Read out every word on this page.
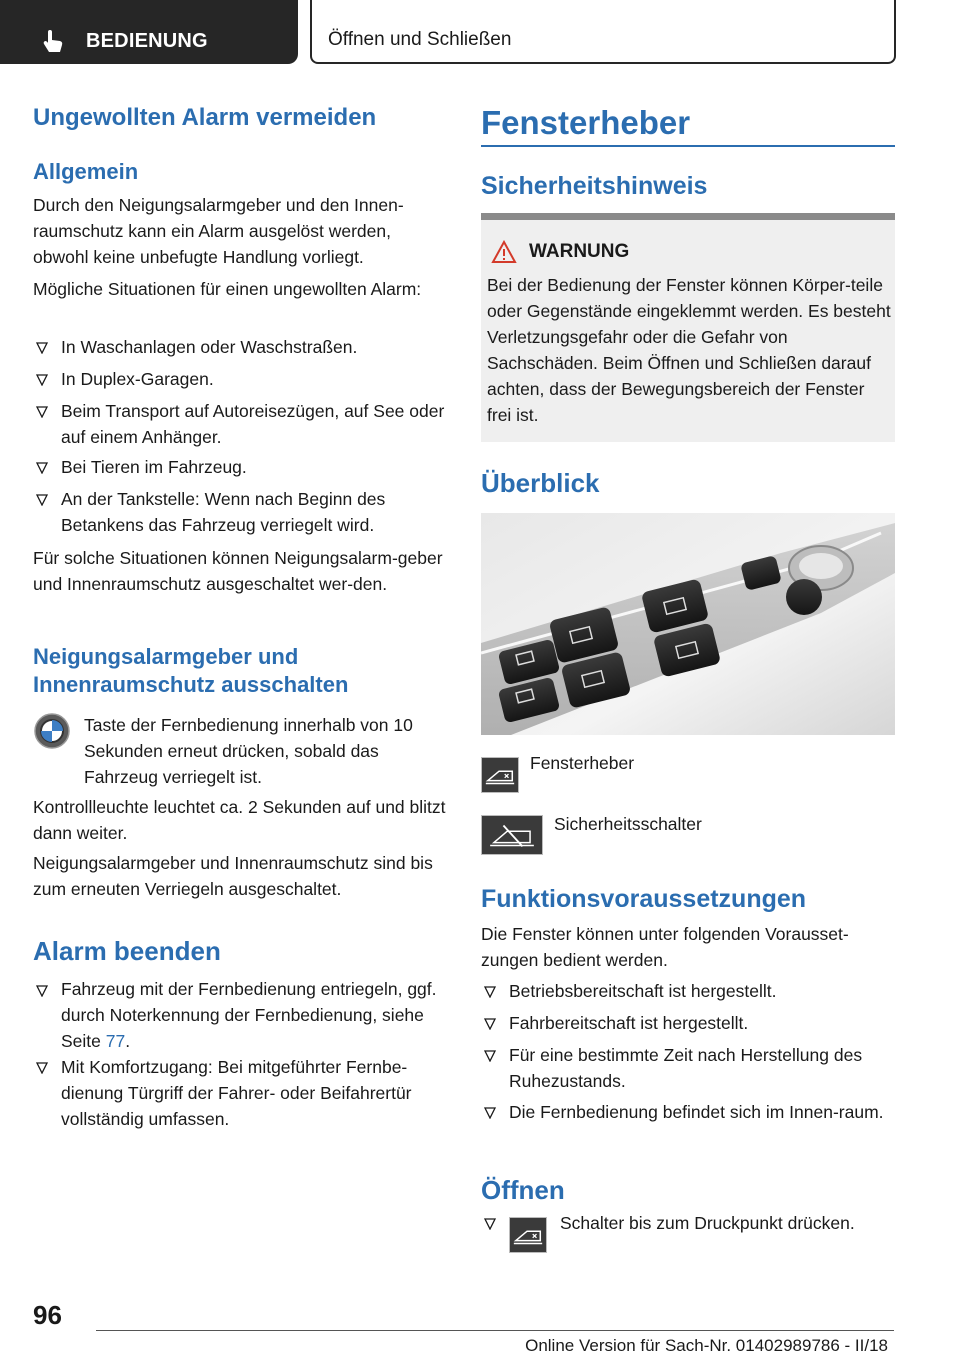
BEDIENUNG	Öffnen und Schließen
Ungewollten Alarm vermeiden
Allgemein
Durch den Neigungsalarmgeber und den Innen-raumschutz kann ein Alarm ausgelöst werden, obwohl keine unbefugte Handlung vorliegt.
Mögliche Situationen für einen ungewollten Alarm:
In Waschanlagen oder Waschstraßen.
In Duplex-Garagen.
Beim Transport auf Autoreisezügen, auf See oder auf einem Anhänger.
Bei Tieren im Fahrzeug.
An der Tankstelle: Wenn nach Beginn des Betankens das Fahrzeug verriegelt wird.
Für solche Situationen können Neigungsalarm-geber und Innenraumschutz ausgeschaltet wer-den.
Neigungsalarmgeber und
Innenraumschutz ausschalten
Taste der Fernbedienung innerhalb von 10 Sekunden erneut drücken, sobald das Fahrzeug verriegelt ist.
Kontrollleuchte leuchtet ca. 2 Sekunden auf und blitzt dann weiter.
Neigungsalarmgeber und Innenraumschutz sind bis zum erneuten Verriegeln ausgeschaltet.
Alarm beenden
Fahrzeug mit der Fernbedienung entriegeln, ggf. durch Noterkennung der Fernbedienung, siehe Seite 77.
Mit Komfortzugang: Bei mitgeführter Fernbe-dienung Türgriff der Fahrer- oder Beifahrertür vollständig umfassen.
Fensterheber
Sicherheitshinweis
WARNUNG
Bei der Bedienung der Fenster können Körper-teile oder Gegenstände eingeklemmt werden. Es besteht Verletzungsgefahr oder die Gefahr von Sachschäden. Beim Öffnen und Schließen darauf achten, dass der Bewegungsbereich der Fenster frei ist.
Überblick
Fensterheber
Sicherheitsschalter
Funktionsvoraussetzungen
Die Fenster können unter folgenden Vorausset-zungen bedient werden.
Betriebsbereitschaft ist hergestellt.
Fahrbereitschaft ist hergestellt.
Für eine bestimmte Zeit nach Herstellung des Ruhezustands.
Die Fernbedienung befindet sich im Innen-raum.
Öffnen
Schalter bis zum Druckpunkt drücken.
96
Online Version für Sach-Nr. 01402989786 - II/18
